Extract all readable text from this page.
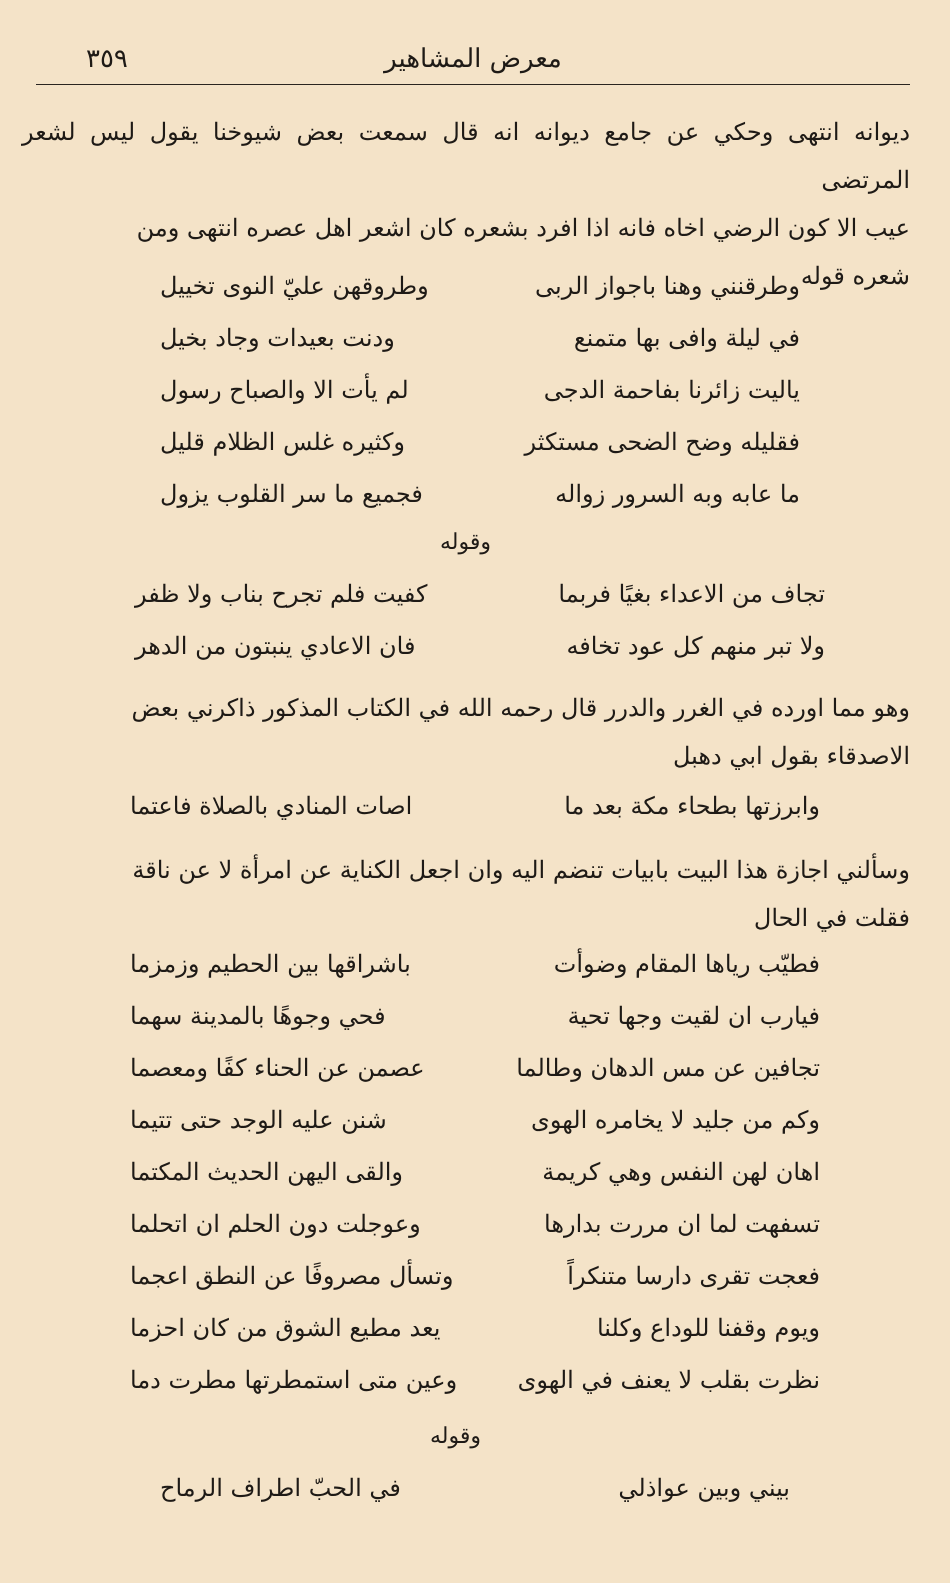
٣٥٩	معرض المشاهير

ديوانه انتهى وحكي عن جامع ديوانه انه قال سمعت بعض شيوخنا يقول ليس لشعر المرتضى

عيب الا كون الرضي اخاه فانه اذا افرد بشعره كان اشعر اهل عصره انتهى ومن

شعره قوله

وطرقنني وهنا باجواز الربى
وطروقهن عليّ النوى تخييل
في ليلة وافى بها متمنع
ودنت بعيدات وجاد بخيل
ياليت زائرنا بفاحمة الدجى
لم يأت الا والصباح رسول
فقليله وضح الضحى مستكثر
وكثيره غلس الظلام قليل
ما عابه وبه السرور زواله
فجميع ما سر القلوب يزول
وقوله
تجاف من الاعداء بغيًا فربما
كفيت فلم تجرح بناب ولا ظفر
ولا تبر منهم كل عود تخافه
فان الاعادي ينبتون من الدهر

وهو مما اورده في الغرر والدرر قال رحمه الله في الكتاب المذكور ذاكرني بعض

الاصدقاء بقول ابي دهبل

وابرزتها بطحاء مكة بعد ما
اصات المنادي بالصلاة فاعتما

وسألني اجازة هذا البيت بابيات تنضم اليه وان اجعل الكناية عن امرأة لا عن ناقة

فقلت في الحال

فطيّب رياها المقام وضوأت
باشراقها بين الحطيم وزمزما
فيارب ان لقيت وجها تحية
فحي وجوهًا بالمدينة سهما
تجافين عن مس الدهان وطالما
عصمن عن الحناء كفًا ومعصما
وكم من جليد لا يخامره الهوى
شنن عليه الوجد حتى تتيما
اهان لهن النفس وهي كريمة
والقى اليهن الحديث المكتما
تسفهت لما ان مررت بدارها
وعوجلت دون الحلم ان اتحلما
فعجت تقرى دارسا متنكراً
وتسأل مصروفًا عن النطق اعجما
ويوم وقفنا للوداع وكلنا
يعد مطيع الشوق من كان احزما
نظرت بقلب لا يعنف في الهوى
وعين متى استمطرتها مطرت دما
وقوله
بيني وبين عواذلي
في الحبّ اطراف الرماح
